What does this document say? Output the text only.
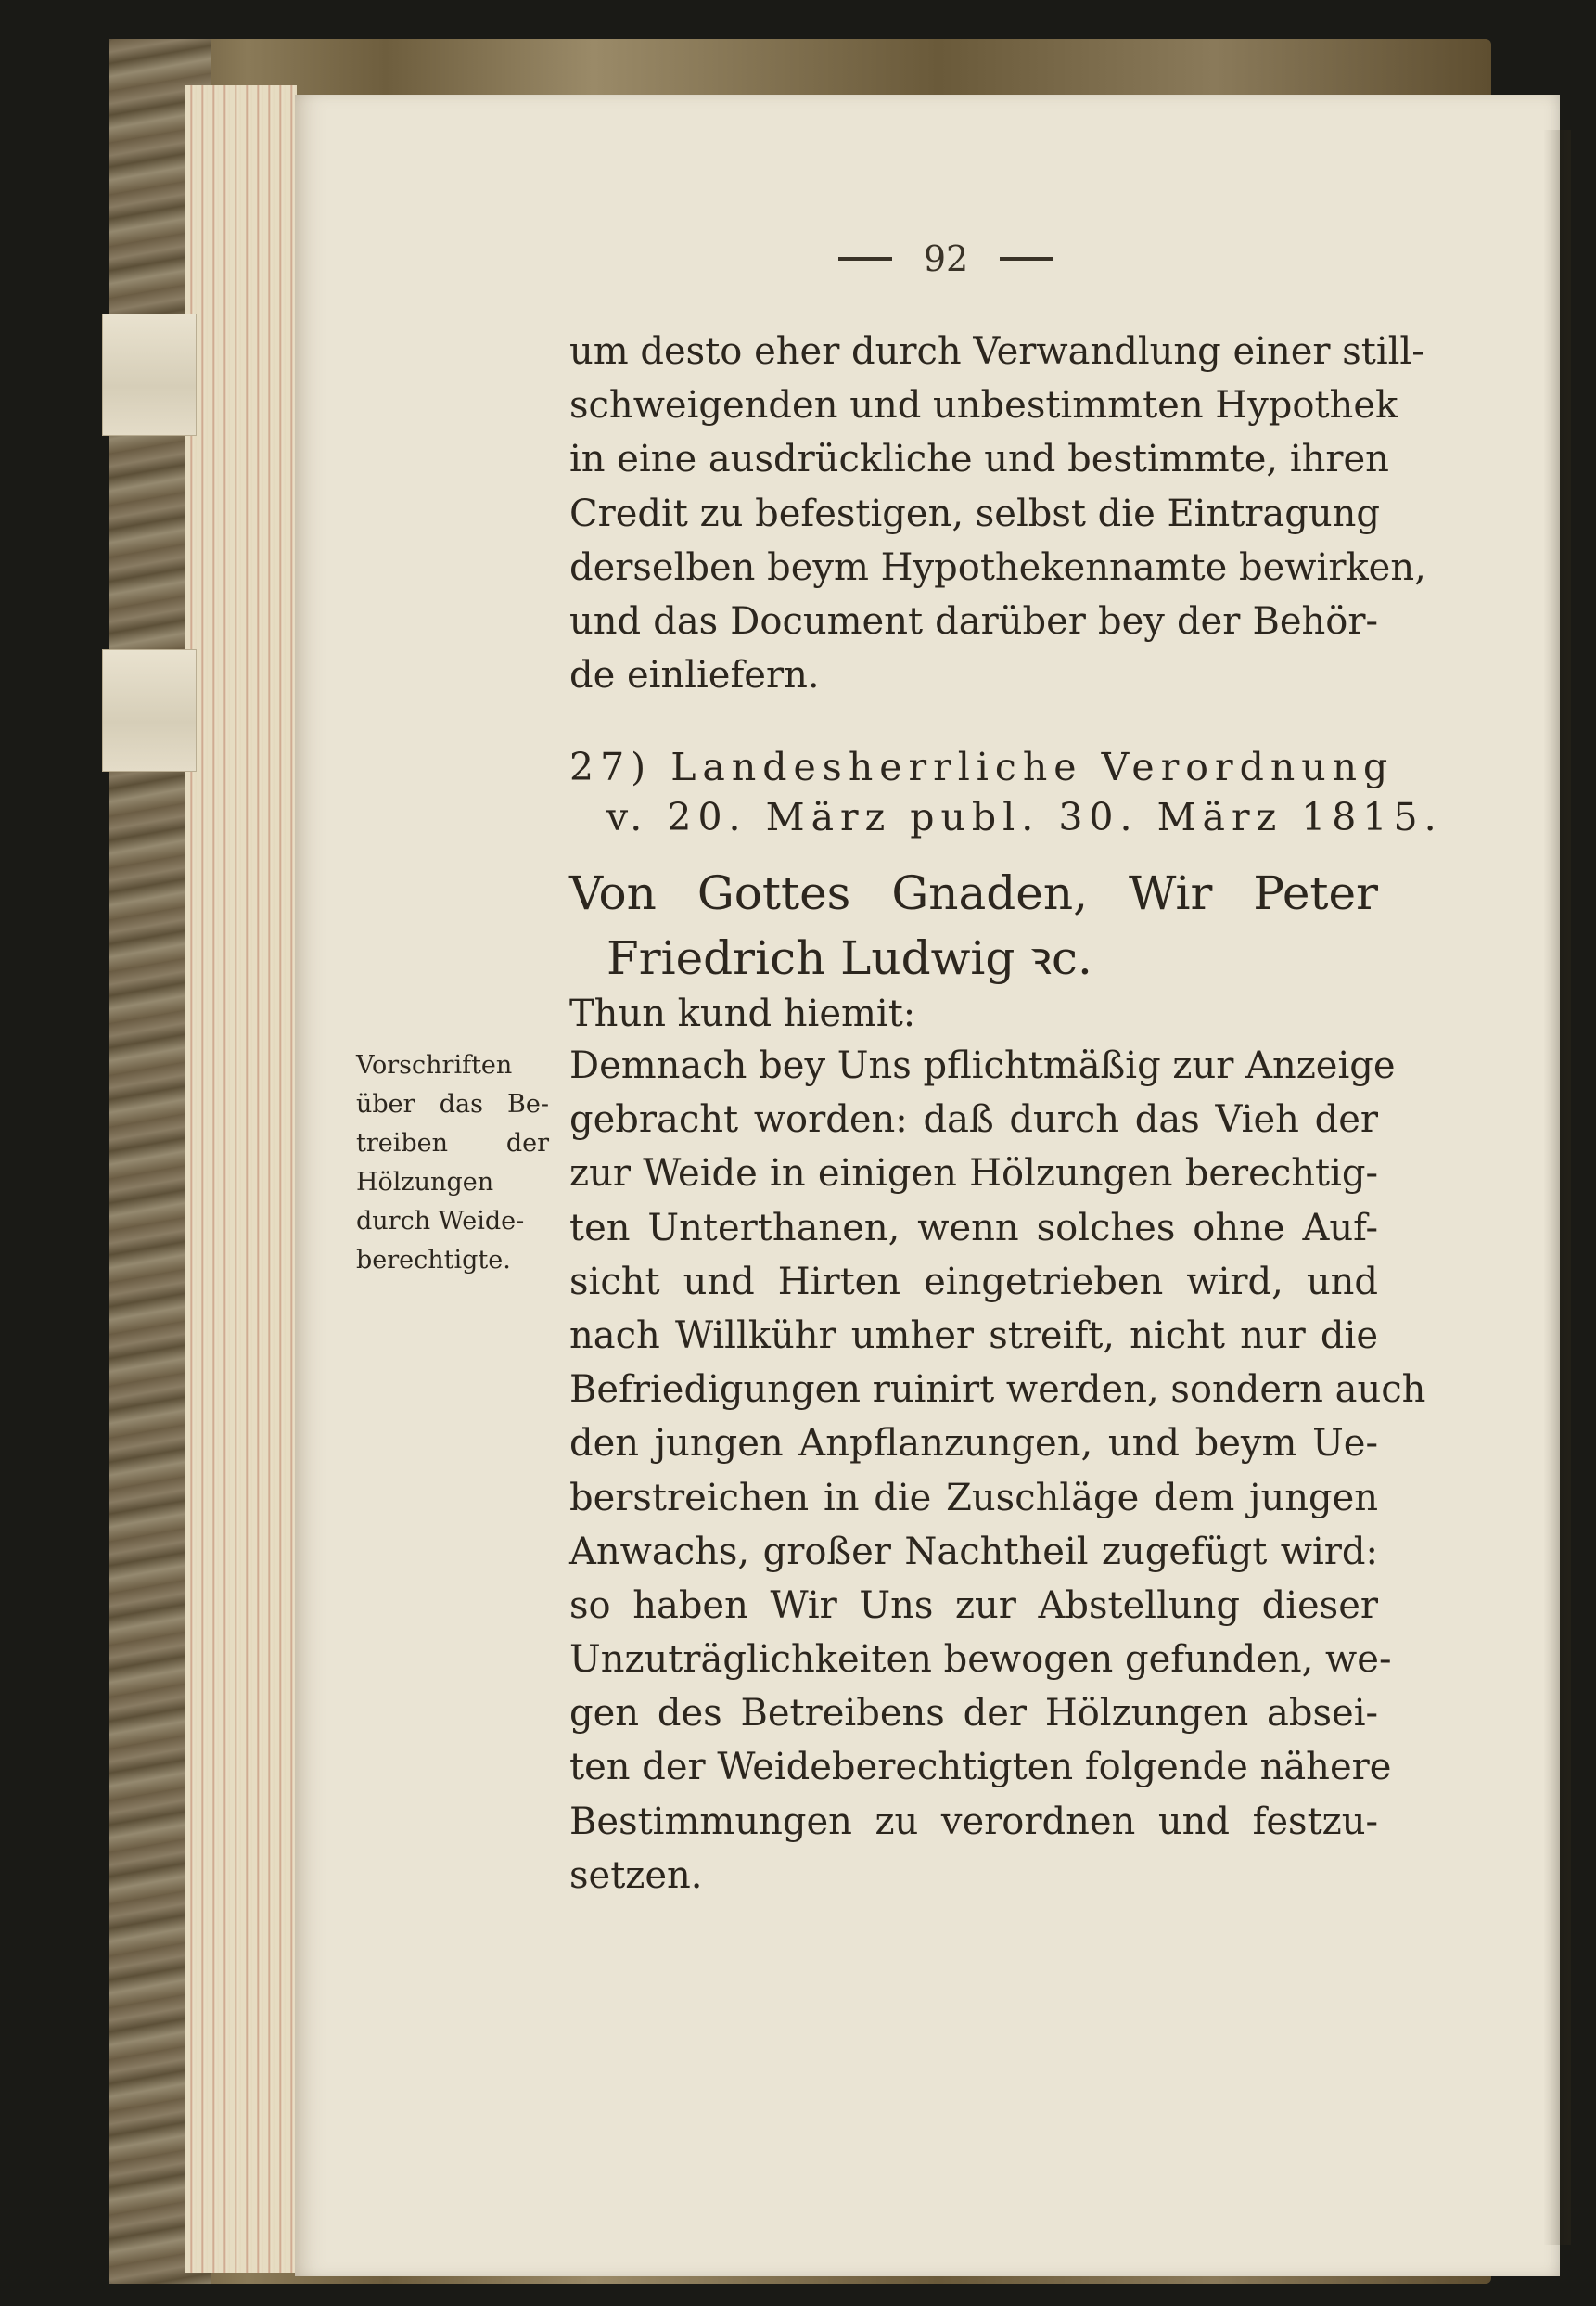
92
um desto eher durch Verwandlung einer still-
schweigenden und unbestimmten Hypothek
in eine ausdrückliche und bestimmte, ihren
Credit zu befestigen, selbst die Eintragung
derselben beym Hypothekennamte bewirken,
und das Document darüber bey der Behör-
de einliefern.
27) Landesherrliche Verordnung
v. 20. März publ. 30. März 1815.
Von Gottes Gnaden, Wir Peter
Friedrich Ludwig ꝛc.
Thun kund hiemit:
Vorschriften
über das Be-
treiben der
Hölzungen
durch Weide-
berechtigte.
Demnach bey Uns pflichtmäßig zur Anzeige
gebracht worden: daß durch das Vieh der
zur Weide in einigen Hölzungen berechtig-
ten Unterthanen, wenn solches ohne Auf-
sicht und Hirten eingetrieben wird, und
nach Willkühr umher streift, nicht nur die
Befriedigungen ruinirt werden, sondern auch
den jungen Anpflanzungen, und beym Ue-
berstreichen in die Zuschläge dem jungen
Anwachs, großer Nachtheil zugefügt wird:
so haben Wir Uns zur Abstellung dieser
Unzuträglichkeiten bewogen gefunden, we-
gen des Betreibens der Hölzungen absei-
ten der Weideberechtigten folgende nähere
Bestimmungen zu verordnen und festzu-
setzen.
